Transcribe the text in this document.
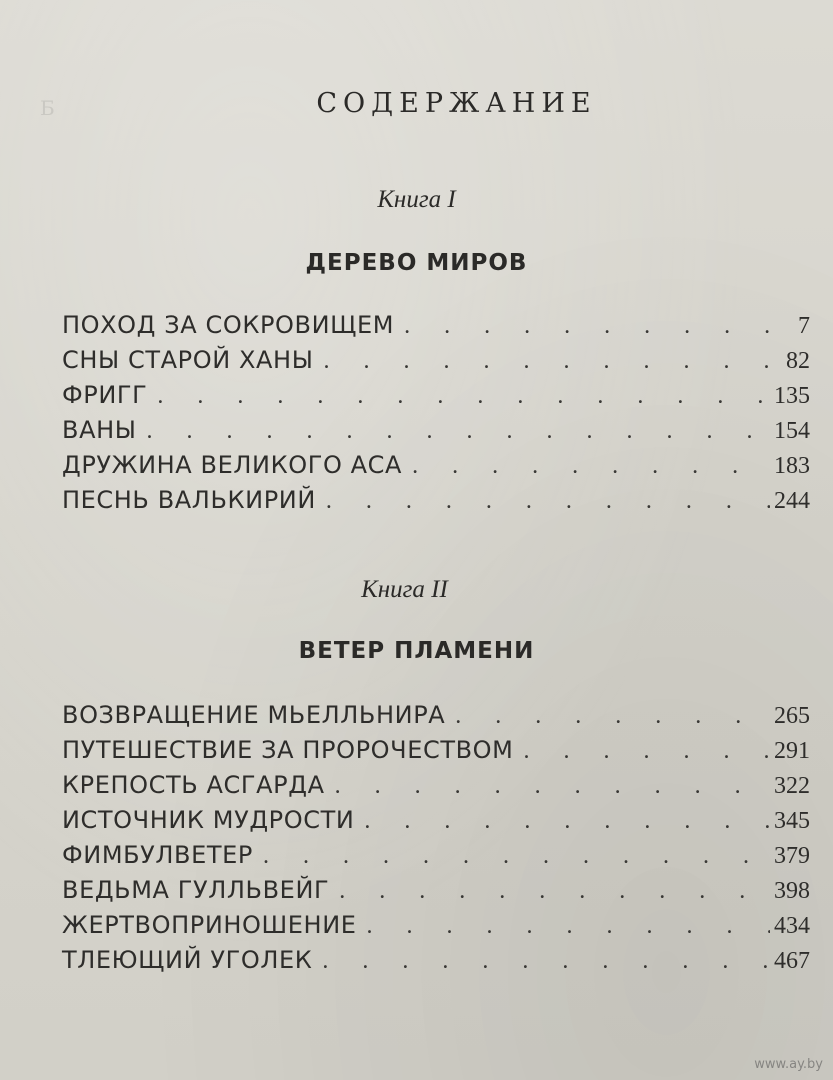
Б	СОДЕРЖАНИЕ
Книга I
ДЕРЕВО МИРОВ
ПОХОД ЗА СОКРОВИЩЕМ . . .	7
СНЫ СТАРОЙ ХАНЫ . . .	82
ФРИГГ . . .	135
ВАНЫ . . .	154
ДРУЖИНА ВЕЛИКОГО АСА . . .	183
ПЕСНЬ ВАЛЬКИРИЙ . . .	244
Книга II
ВЕТЕР ПЛАМЕНИ
ВОЗВРАЩЕНИЕ МЬЕЛЛЬНИРА . . .	265
ПУТЕШЕСТВИЕ ЗА ПРОРОЧЕСТВОМ . . .	291
КРЕПОСТЬ АСГАРДА . . .	322
ИСТОЧНИК МУДРОСТИ . . .	345
ФИМБУЛВЕТЕР . . .	379
ВЕДЬМА ГУЛЛЬВЕЙГ . . .	398
ЖЕРТВОПРИНОШЕНИЕ . . .	434
ТЛЕЮЩИЙ УГОЛЕК . . .	467
www.ay.by
